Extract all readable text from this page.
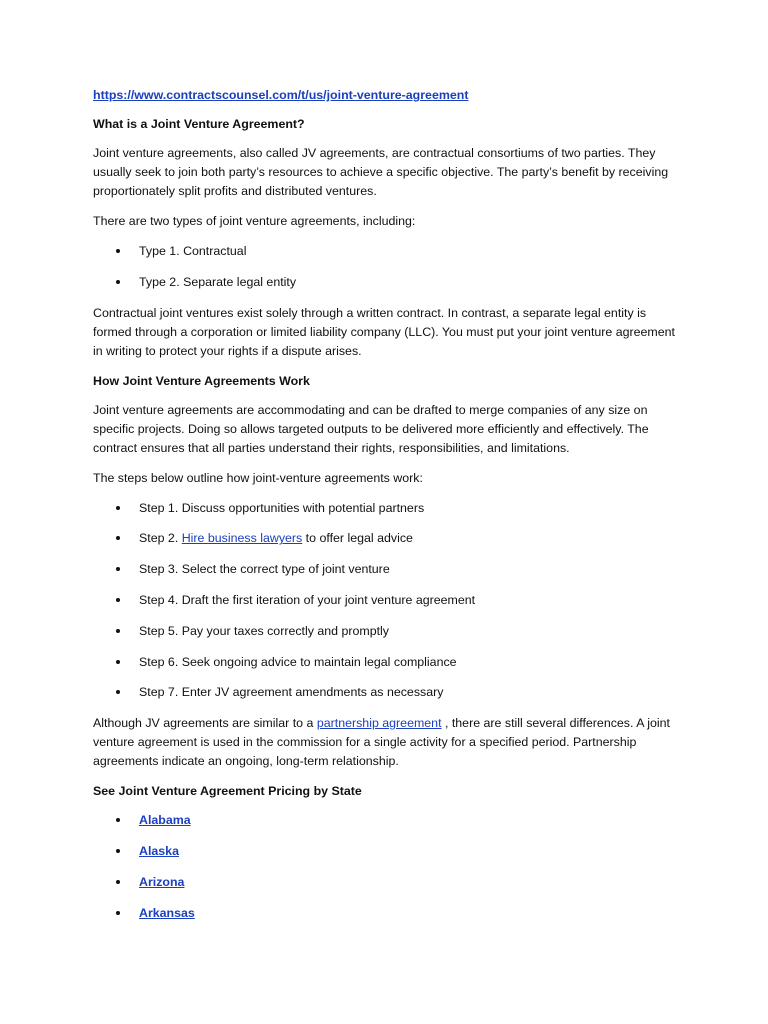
https://www.contractscounsel.com/t/us/joint-venture-agreement
What is a Joint Venture Agreement?

Joint venture agreements, also called JV agreements, are contractual consortiums of two parties. They usually seek to join both party’s resources to achieve a specific objective. The party’s benefit by receiving proportionately split profits and distributed ventures.

There are two types of joint venture agreements, including:

Type 1. Contractual
Type 2. Separate legal entity

Contractual joint ventures exist solely through a written contract. In contrast, a separate legal entity is formed through a corporation or limited liability company (LLC). You must put your joint venture agreement in writing to protect your rights if a dispute arises.

How Joint Venture Agreements Work

Joint venture agreements are accommodating and can be drafted to merge companies of any size on specific projects. Doing so allows targeted outputs to be delivered more efficiently and effectively. The contract ensures that all parties understand their rights, responsibilities, and limitations.

The steps below outline how joint-venture agreements work:

Step 1. Discuss opportunities with potential partners
Step 2. Hire business lawyers to offer legal advice
Step 3. Select the correct type of joint venture
Step 4. Draft the first iteration of your joint venture agreement
Step 5. Pay your taxes correctly and promptly
Step 6. Seek ongoing advice to maintain legal compliance
Step 7. Enter JV agreement amendments as necessary

Although JV agreements are similar to a partnership agreement , there are still several differences. A joint venture agreement is used in the commission for a single activity for a specified period. Partnership agreements indicate an ongoing, long-term relationship.

See Joint Venture Agreement Pricing by State
Alabama
Alaska
Arizona
Arkansas
